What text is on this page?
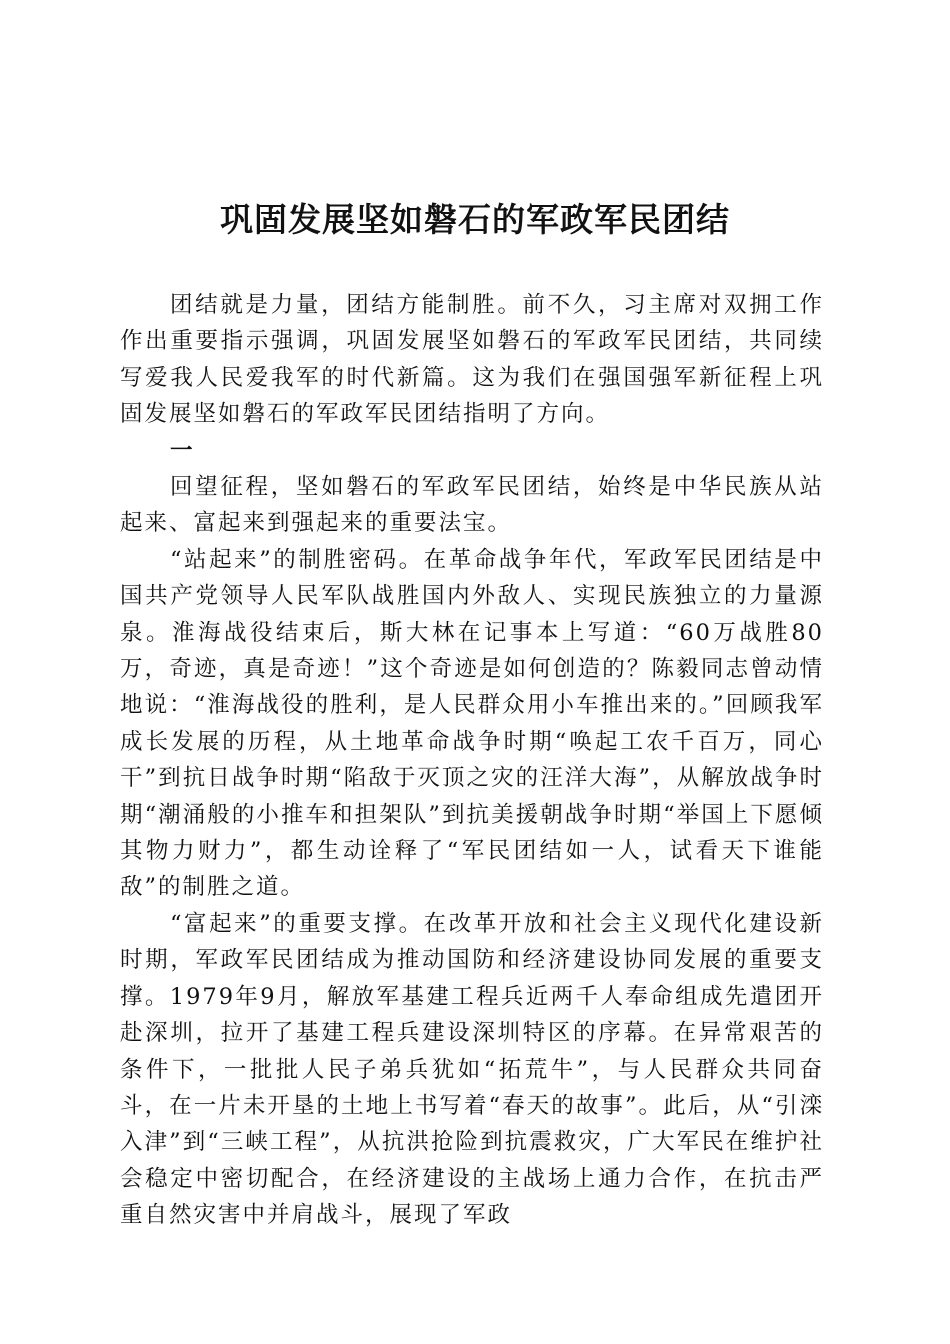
巩固发展坚如磐石的军政军民团结

团结就是力量，团结方能制胜。前不久，习主席对双拥工作作出重要指示强调，巩固发展坚如磐石的军政军民团结，共同续写爱我人民爱我军的时代新篇。这为我们在强国强军新征程上巩固发展坚如磐石的军政军民团结指明了方向。

一

回望征程，坚如磐石的军政军民团结，始终是中华民族从站起来、富起来到强起来的重要法宝。

“站起来”的制胜密码。在革命战争年代，军政军民团结是中国共产党领导人民军队战胜国内外敌人、实现民族独立的力量源泉。淮海战役结束后，斯大林在记事本上写道：“60万战胜80万，奇迹，真是奇迹！”这个奇迹是如何创造的？陈毅同志曾动情地说：“淮海战役的胜利，是人民群众用小车推出来的。”回顾我军成长发展的历程，从土地革命战争时期“唤起工农千百万，同心干”到抗日战争时期“陷敌于灭顶之灾的汪洋大海”，从解放战争时期“潮涌般的小推车和担架队”到抗美援朝战争时期“举国上下愿倾其物力财力”，都生动诠释了“军民团结如一人，试看天下谁能敌”的制胜之道。

“富起来”的重要支撑。在改革开放和社会主义现代化建设新时期，军政军民团结成为推动国防和经济建设协同发展的重要支撑。1979年9月，解放军基建工程兵近两千人奉命组成先遣团开赴深圳，拉开了基建工程兵建设深圳特区的序幕。在异常艰苦的条件下，一批批人民子弟兵犹如“拓荒牛”，与人民群众共同奋斗，在一片未开垦的土地上书写着“春天的故事”。此后，从“引滦入津”到“三峡工程”，从抗洪抢险到抗震救灾，广大军民在维护社会稳定中密切配合，在经济建设的主战场上通力合作，在抗击严重自然灾害中并肩战斗，展现了军政
